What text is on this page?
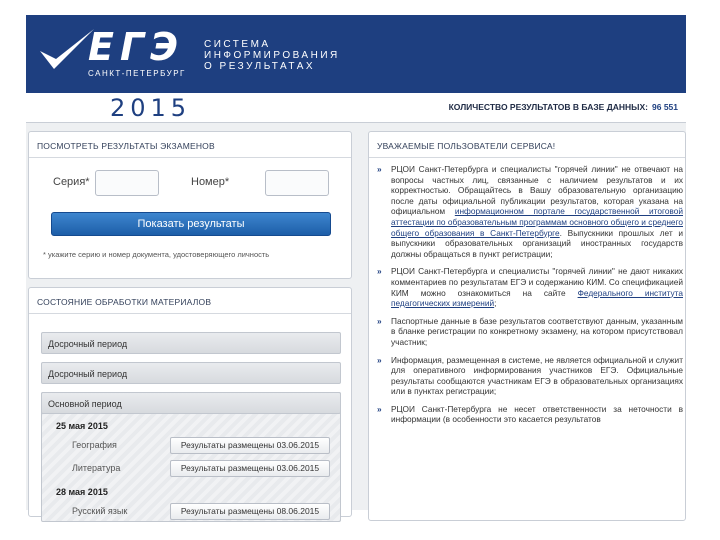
ЕГЭ
САНКТ-ПЕТЕРБУРГ
СИСТЕМА
ИНФОРМИРОВАНИЯ
О РЕЗУЛЬТАТАХ
2015	КОЛИЧЕСТВО РЕЗУЛЬТАТОВ В БАЗЕ ДАННЫХ: 96 551
ПОСМОТРЕТЬ РЕЗУЛЬТАТЫ ЭКЗАМЕНОВ
Серия*	Номер*
Показать результаты
* укажите серию и номер документа, удостоверяющего личность
СОСТОЯНИЕ ОБРАБОТКИ МАТЕРИАЛОВ
Досрочный период
Досрочный период
Основной период
25 мая 2015
География	Результаты размещены 03.06.2015
Литература	Результаты размещены 03.06.2015
28 мая 2015
Русский язык	Результаты размещены 08.06.2015
УВАЖАЕМЫЕ ПОЛЬЗОВАТЕЛИ СЕРВИСА!
» РЦОИ Санкт-Петербурга и специалисты "горячей линии" не отвечают на вопросы частных лиц, связанные с наличием результатов и их корректностью. Обращайтесь в Вашу образовательную организацию после даты официальной публикации результатов, которая указана на официальном информационном портале государственной итоговой аттестации по образовательным программам основного общего и среднего общего образования в Санкт-Петербурге. Выпускники прошлых лет и выпускники образовательных организаций иностранных государств должны обращаться в пункт регистрации;
» РЦОИ Санкт-Петербурга и специалисты "горячей линии" не дают никаких комментариев по результатам ЕГЭ и содержанию КИМ. Со спецификацией КИМ можно ознакомиться на сайте Федерального института педагогических измерений;
» Паспортные данные в базе результатов соответствуют данным, указанным в бланке регистрации по конкретному экзамену, на котором присутствовал участник;
» Информация, размещенная в системе, не является официальной и служит для оперативного информирования участников ЕГЭ. Официальные результаты сообщаются участникам ЕГЭ в образовательных организациях или в пунктах регистрации;
» РЦОИ Санкт-Петербурга не несет ответственности за неточности в информации (в особенности это касается результатов
